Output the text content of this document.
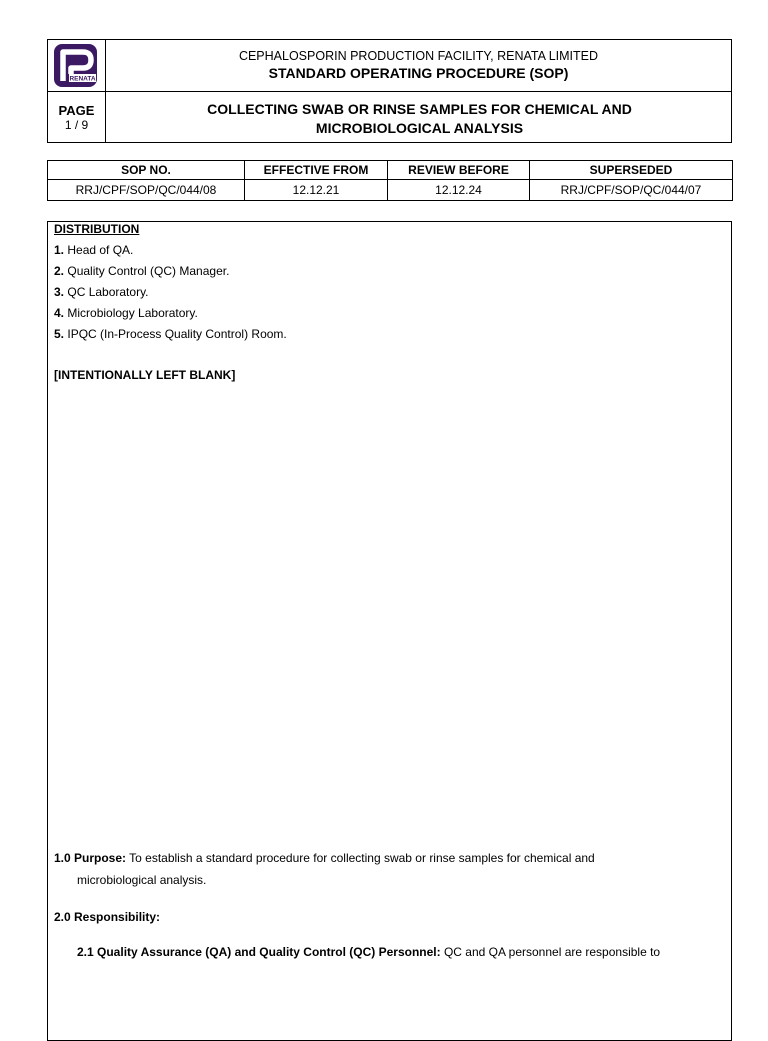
RENATA
CEPHALOSPORIN PRODUCTION FACILITY, RENATA LIMITED
STANDARD OPERATING PROCEDURE (SOP)
PAGE
1 / 9
COLLECTING SWAB OR RINSE SAMPLES FOR CHEMICAL AND
MICROBIOLOGICAL ANALYSIS
SOP NO.	EFFECTIVE FROM	REVIEW BEFORE	SUPERSEDED
RRJ/CPF/SOP/QC/044/08	12.12.21	12.12.24	RRJ/CPF/SOP/QC/044/07
DISTRIBUTION
1. Head of QA.
2. Quality Control (QC) Manager.
3. QC Laboratory.
4. Microbiology Laboratory.
5. IPQC (In-Process Quality Control) Room.
[INTENTIONALLY LEFT BLANK]
1.0 Purpose: To establish a standard procedure for collecting swab or rinse samples for chemical and
microbiological analysis.
2.0 Responsibility:
2.1 Quality Assurance (QA) and Quality Control (QC) Personnel: QC and QA personnel are responsible to
